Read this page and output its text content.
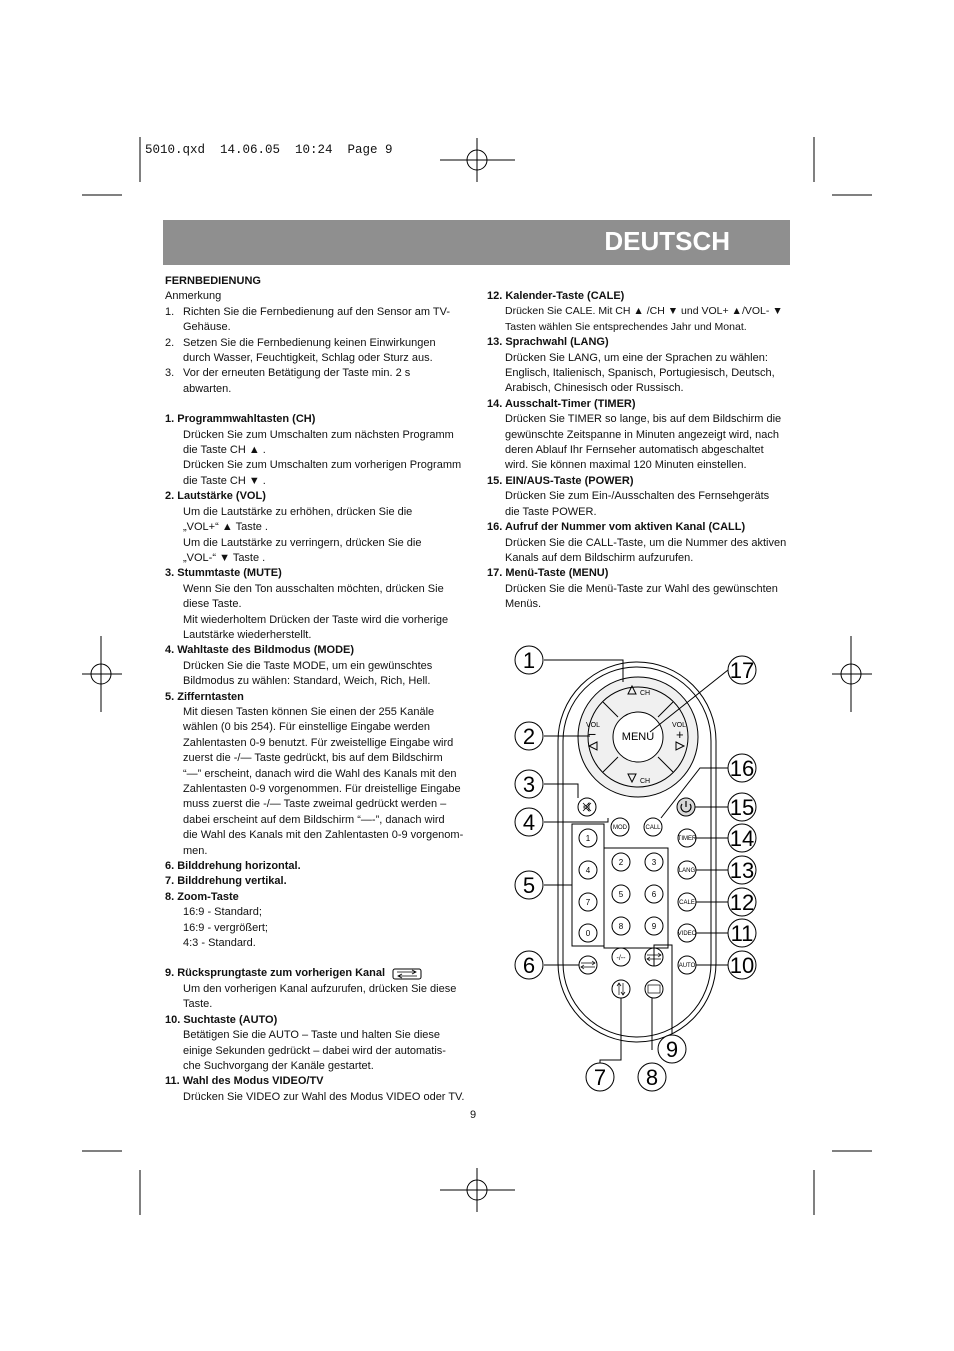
5010.qxd  14.06.05  10:24  Page 9
DEUTSCH
FERNBEDIENUNG
Anmerkung
1. Richten Sie die Fernbedienung auf den Sensor am TV-
Gehäuse.
2. Setzen Sie die Fernbedienung keinen Einwirkungen
durch Wasser, Feuchtigkeit, Schlag oder Sturz aus.
3. Vor der erneuten Betätigung der Taste min. 2 s
abwarten.
1. Programmwahltasten (CH)
Drücken Sie zum Umschalten zum nächsten Programm
die Taste CH ▲ .
Drücken Sie zum Umschalten zum vorherigen Programm
die Taste CH ▼ .
2. Lautstärke (VOL)
Um die Lautstärke zu erhöhen, drücken Sie die
„VOL+“ ▲ Taste .
Um die Lautstärke zu verringern, drücken Sie die
„VOL-“ ▼ Taste .
3. Stummtaste (MUTE)
Wenn Sie den Ton ausschalten möchten, drücken Sie
diese Taste.
Mit wiederholtem Drücken der Taste wird die vorherige
Lautstärke wiederherstellt.
4. Wahltaste des Bildmodus (MODE)
Drücken Sie die Taste MODE, um ein gewünschtes
Bildmodus zu wählen: Standard, Weich, Rich, Hell.
5. Zifferntasten
Mit diesen Tasten können Sie einen der 255 Kanäle
wählen (0 bis 254). Für einstellige Eingabe werden
Zahlentasten 0-9 benutzt. Für zweistellige Eingabe wird
zuerst die -/— Taste gedrückt, bis auf dem Bildschirm
“—” erscheint, danach wird die Wahl des Kanals mit den
Zahlentasten 0-9 vorgenommen. Für dreistellige Eingabe
muss zuerst die -/— Taste zweimal gedrückt werden –
dabei erscheint auf dem Bildschirm “—-”, danach wird
die Wahl des Kanals mit den Zahlentasten 0-9 vorgenom-
men.
6. Bilddrehung horizontal.
7. Bilddrehung vertikal.
8. Zoom-Taste
16:9 - Standard;
16:9 - vergrößert;
4:3 - Standard.
9. Rücksprungtaste zum vorherigen Kanal
Um den vorherigen Kanal aufzurufen, drücken Sie diese
Taste.
10. Suchtaste (AUTO)
Betätigen Sie die AUTO – Taste und halten Sie diese
einige Sekunden gedrückt – dabei wird der automatis-
che Suchvorgang der Kanäle gestartet.
11. Wahl des Modus VIDEO/TV
Drücken Sie VIDEO zur Wahl des Modus VIDEO oder TV.
12. Kalender-Taste (CALE)
Drücken Sie CALE. Mit CH ▲ /CH ▼ und VOL+ ▲/VOL- ▼
Tasten wählen Sie entsprechendes Jahr und Monat.
13. Sprachwahl (LANG)
Drücken Sie LANG, um eine der Sprachen zu wählen:
Englisch, Italienisch, Spanisch, Portugiesisch, Deutsch,
Arabisch, Chinesisch oder Russisch.
14. Ausschalt-Timer (TIMER)
Drücken Sie TIMER so lange, bis auf dem Bildschirm die
gewünschte Zeitspanne in Minuten angezeigt wird, nach
deren Ablauf Ihr Fernseher automatisch abgeschaltet
wird. Sie können maximal 120 Minuten einstellen.
15. EIN/AUS-Taste (POWER)
Drücken Sie zum Ein-/Ausschalten des Fernsehgeräts
die Taste POWER.
16. Aufruf der Nummer vom aktiven Kanal (CALL)
Drücken Sie die CALL-Taste, um die Nummer des aktiven
Kanals auf dem Bildschirm aufzurufen.
17. Menü-Taste (MENU)
Drücken Sie die Menü-Taste zur Wahl des gewünschten
Menüs.
1
2
3
4
5
6
7 8
9
10
11
12
13
14
15
16
17
MENU
CH
CH
VOL
−
VOL
+
MOD	CALL
TIMER
LANG
CALE
VIDEO
AUTO
-/--
1
2	3
4
5	6
7
8	9
0
9
